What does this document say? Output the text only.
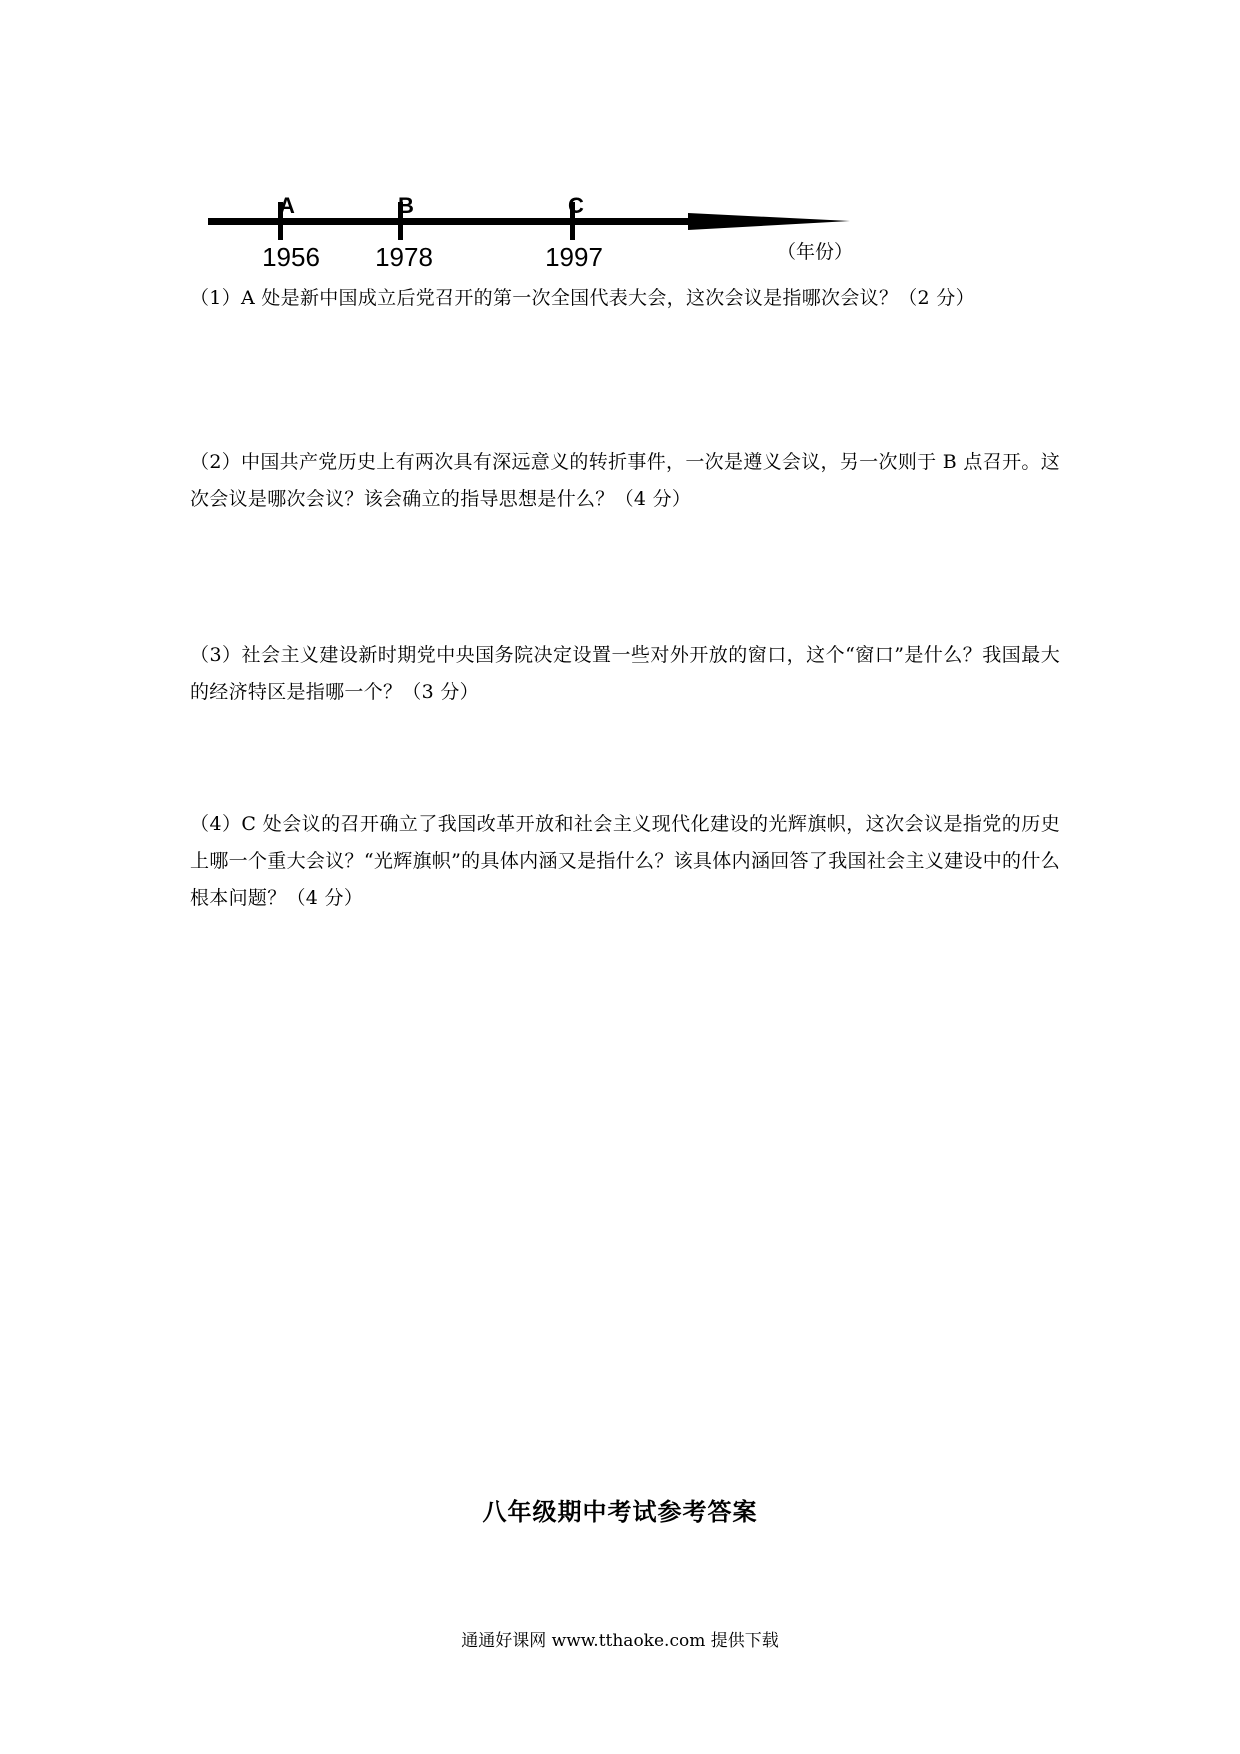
A	B	C
1956 1978	1997	（年份）

（1）A 处是新中国成立后党召开的第一次全国代表大会，这次会议是指哪次会议？（2 分）

（2）中国共产党历史上有两次具有深远意义的转折事件，一次是遵义会议，另一次则于 B 点召开。这次会议是哪次会议？该会确立的指导思想是什么？（4 分）

（3）社会主义建设新时期党中央国务院决定设置一些对外开放的窗口，这个“窗口”是什么？我国最大的经济特区是指哪一个？（3 分）

（4）C 处会议的召开确立了我国改革开放和社会主义现代化建设的光辉旗帜，这次会议是指党的历史上哪一个重大会议？“光辉旗帜”的具体内涵又是指什么？该具体内涵回答了我国社会主义建设中的什么根本问题？（4 分）

八年级期中考试参考答案

通通好课网 www.tthaoke.com 提供下载
